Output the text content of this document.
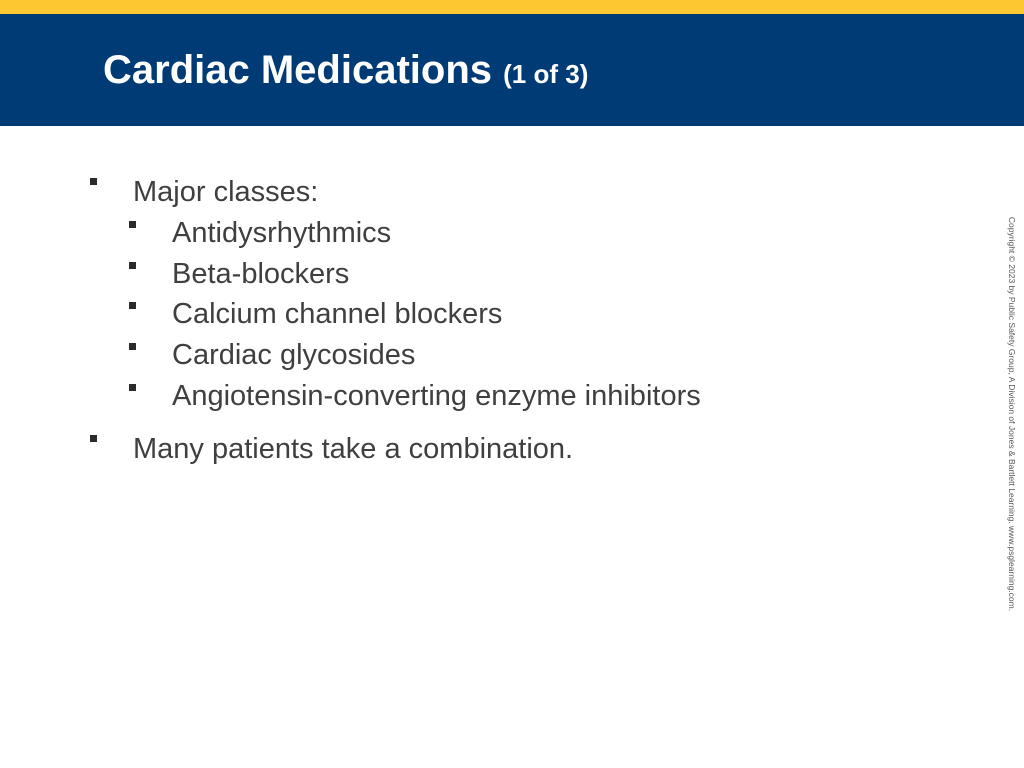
Cardiac Medications (1 of 3)
Major classes:
Antidysrhythmics
Beta-blockers
Calcium channel blockers
Cardiac glycosides
Angiotensin-converting enzyme inhibitors
Many patients take a combination.	Copyright © 2023 by Public Safety Group, A Division of Jones & Bartlett Learning. www.psglearning.com.
